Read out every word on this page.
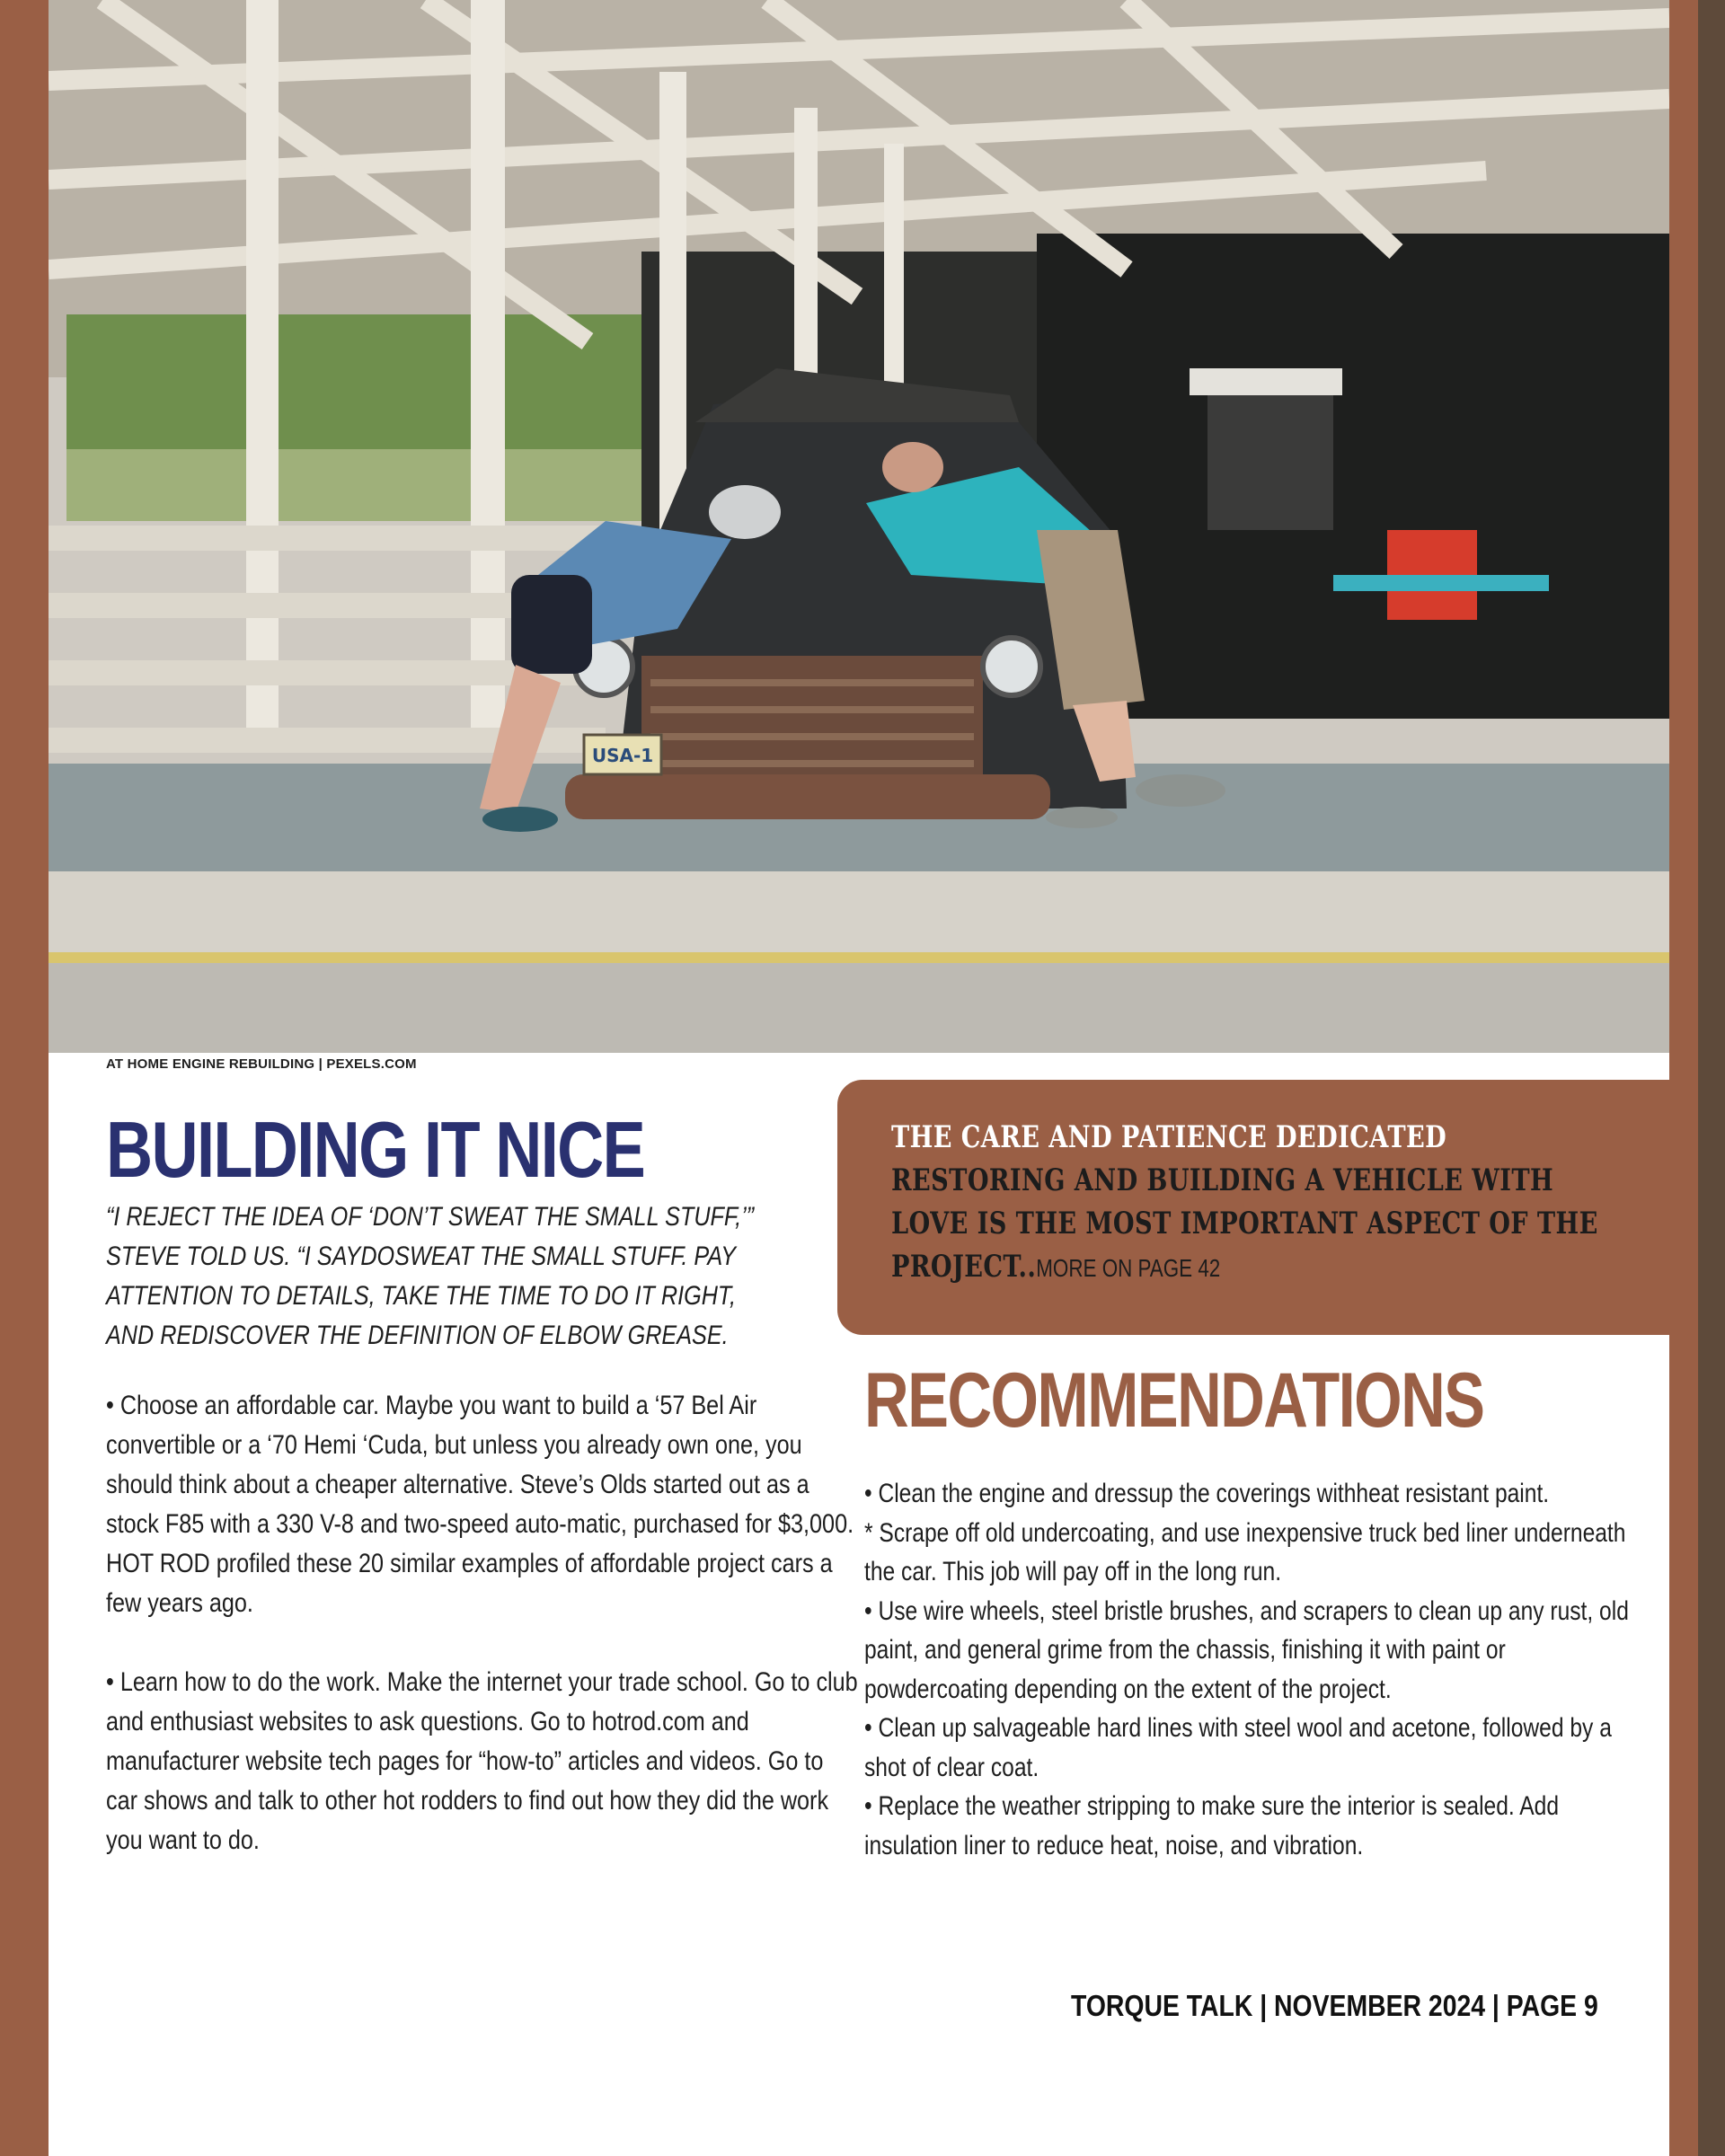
USA-1
AT HOME ENGINE REBUILDING | PEXELS.COM
BUILDING IT NICE

“I REJECT THE IDEA OF ‘DON’T SWEAT THE SMALL STUFF,’” STEVE TOLD US. “I SAYDOSWEAT THE SMALL STUFF. PAY ATTENTION TO DETAILS, TAKE THE TIME TO DO IT RIGHT, AND REDISCOVER THE DEFINITION OF ELBOW GREASE.

• Choose an affordable car. Maybe you want to build a ‘57 Bel Air convertible or a ‘70 Hemi ‘Cuda, but unless you already own one, you should think about a cheaper alternative. Steve’s Olds started out as a stock F85 with a 330 V-8 and two-speed auto-matic, purchased for $3,000. HOT ROD profiled these 20 similar examples of affordable project cars a few years ago.

• Learn how to do the work. Make the internet your trade school. Go to club and enthusiast websites to ask questions. Go to hotrod.com and manufacturer website tech pages for “how-to” articles and videos. Go to car shows and talk to other hot rodders to find out how they did the work you want to do.

THE CARE AND PATIENCE DEDICATED
RESTORING AND BUILDING A VEHICLE WITH LOVE IS THE MOST IMPORTANT ASPECT OF THE PROJECT..MORE ON PAGE 42

RECOMMENDATIONS
• Clean the engine and dressup the coverings withheat resistant paint.
* Scrape off old undercoating, and use inexpensive truck bed liner underneath the car. This job will pay off in the long run.
• Use wire wheels, steel bristle brushes, and scrapers to clean up any rust, old paint, and general grime from the chassis, finishing it with paint or powdercoating depending on the extent of the project.
• Clean up salvageable hard lines with steel wool and acetone, followed by a shot of clear coat.
• Replace the weather stripping to make sure the interior is sealed. Add insulation liner to reduce heat, noise, and vibration.
TORQUE TALK | NOVEMBER 2024 | PAGE 9
